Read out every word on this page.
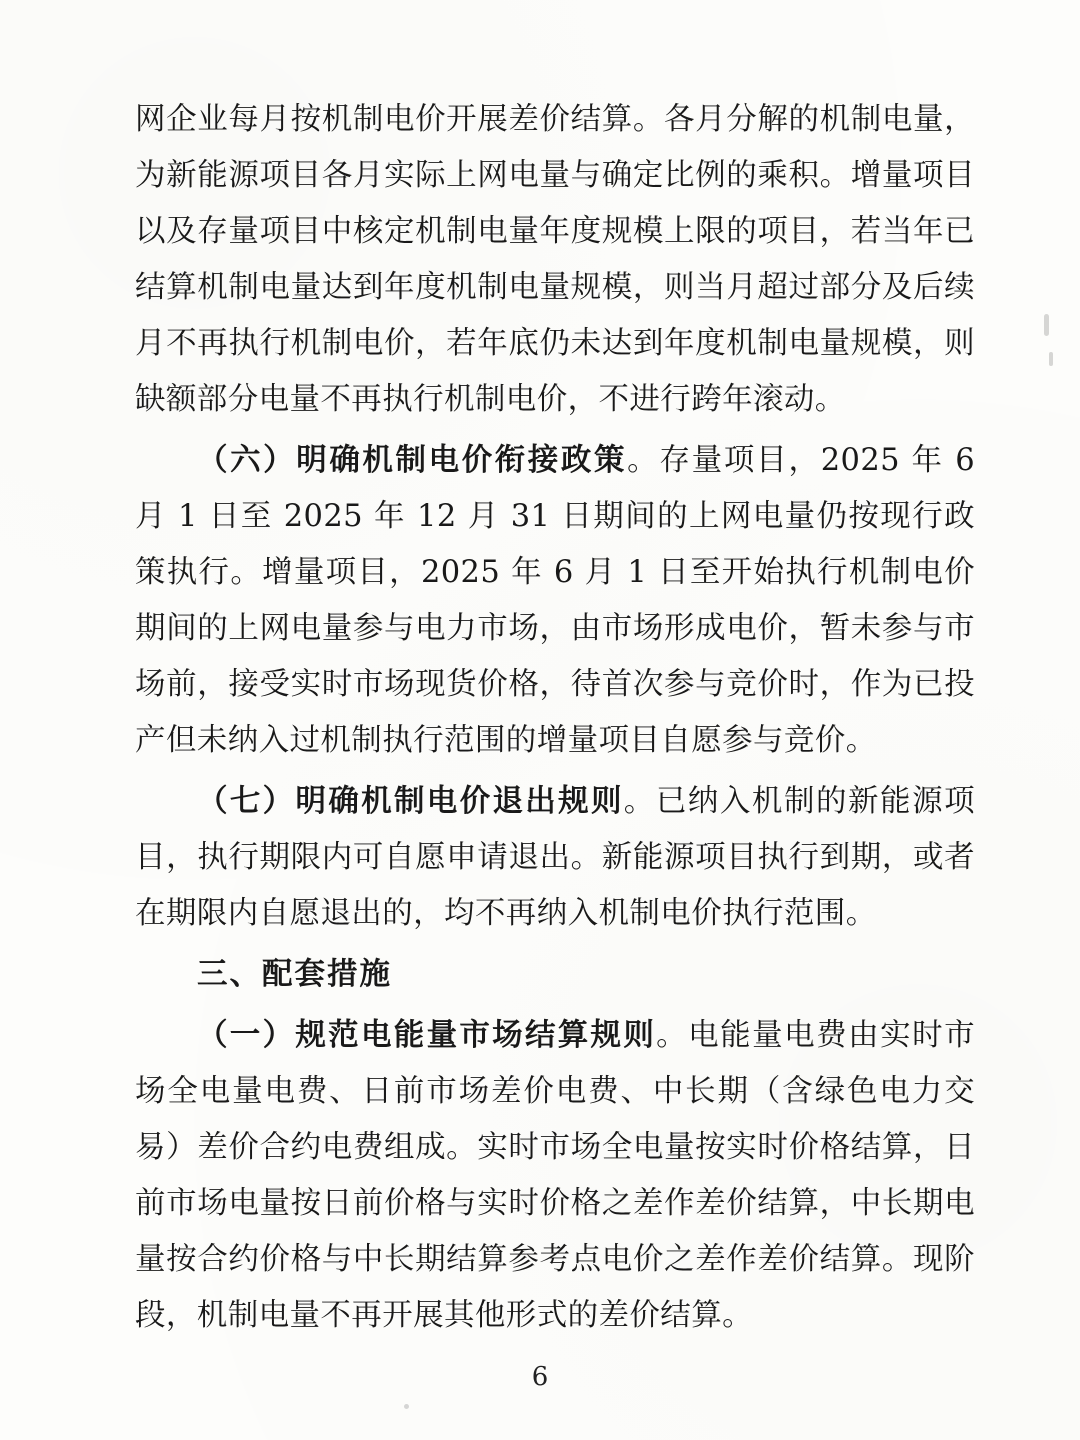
网企业每月按机制电价开展差价结算。各月分解的机制电量，为新能源项目各月实际上网电量与确定比例的乘积。增量项目以及存量项目中核定机制电量年度规模上限的项目，若当年已结算机制电量达到年度机制电量规模，则当月超过部分及后续月不再执行机制电价，若年底仍未达到年度机制电量规模，则缺额部分电量不再执行机制电价，不进行跨年滚动。

（六）明确机制电价衔接政策。存量项目，2025 年 6 月 1 日至 2025 年 12 月 31 日期间的上网电量仍按现行政策执行。增量项目，2025 年 6 月 1 日至开始执行机制电价期间的上网电量参与电力市场，由市场形成电价，暂未参与市场前，接受实时市场现货价格，待首次参与竞价时，作为已投产但未纳入过机制执行范围的增量项目自愿参与竞价。

（七）明确机制电价退出规则。已纳入机制的新能源项目，执行期限内可自愿申请退出。新能源项目执行到期，或者在期限内自愿退出的，均不再纳入机制电价执行范围。

三、配套措施

（一）规范电能量市场结算规则。电能量电费由实时市场全电量电费、日前市场差价电费、中长期（含绿色电力交易）差价合约电费组成。实时市场全电量按实时价格结算，日前市场电量按日前价格与实时价格之差作差价结算，中长期电量按合约价格与中长期结算参考点电价之差作差价结算。现阶段，机制电量不再开展其他形式的差价结算。

6
